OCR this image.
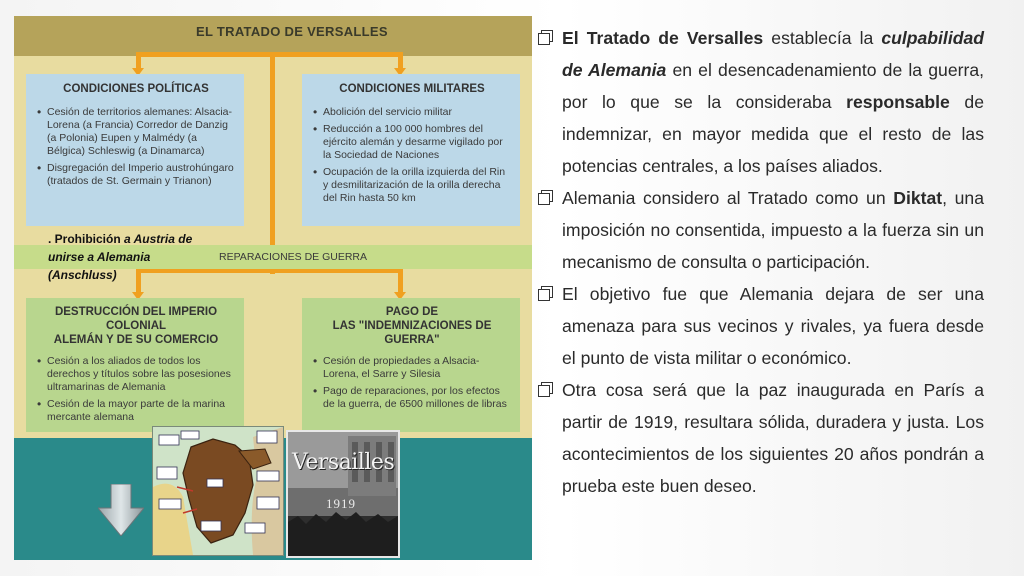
EL TRATADO DE VERSALLES
CONDICIONES POLÍTICAS
• Cesión de territorios alemanes: Alsacia-Lorena (a Francia) Corredor de Danzig (a Polonia) Eupen y Malmédy (a Bélgica) Schleswig (a Dinamarca)
• Disgregación del Imperio austrohúngaro (tratados de St. Germain y Trianon)
CONDICIONES MILITARES
• Abolición del servicio militar
• Reducción a 100 000 hombres del ejército alemán y desarme vigilado por la Sociedad de Naciones
• Ocupación de la orilla izquierda del Rin y desmilitarización de la orilla derecha del Rin hasta 50 km
REPARACIONES DE GUERRA
. Prohibición a Austria de
unirse a Alemania
(Anschluss)
DESTRUCCIÓN DEL IMPERIO COLONIAL
ALEMÁN Y DE SU COMERCIO
• Cesión a los aliados de todos los derechos y títulos sobre las posesiones ultramarinas de Alemania
• Cesión de la mayor parte de la marina mercante alemana
PAGO DE
LAS "INDEMNIZACIONES DE GUERRA"
• Cesión de propiedades a Alsacia-Lorena, el Sarre y Silesia
• Pago de reparaciones, por los efectos de la guerra, de 6500 millones de libras
Versailles
1919
El Tratado de Versalles establecía la culpabilidad de Alemania en el desencadenamiento de la guerra, por lo que se la consideraba responsable de indemnizar, en mayor medida que el resto de las potencias centrales, a los países aliados.
Alemania considero al Tratado como un Diktat, una imposición no consentida, impuesto a la fuerza sin un mecanismo de consulta o participación.
El objetivo fue que Alemania dejara de ser una amenaza para sus vecinos y rivales, ya fuera desde el punto de vista militar o económico.
Otra cosa será que la paz inaugurada en París a partir de 1919, resultara sólida, duradera y justa. Los acontecimientos de los siguientes 20 años pondrán a prueba este buen deseo.
